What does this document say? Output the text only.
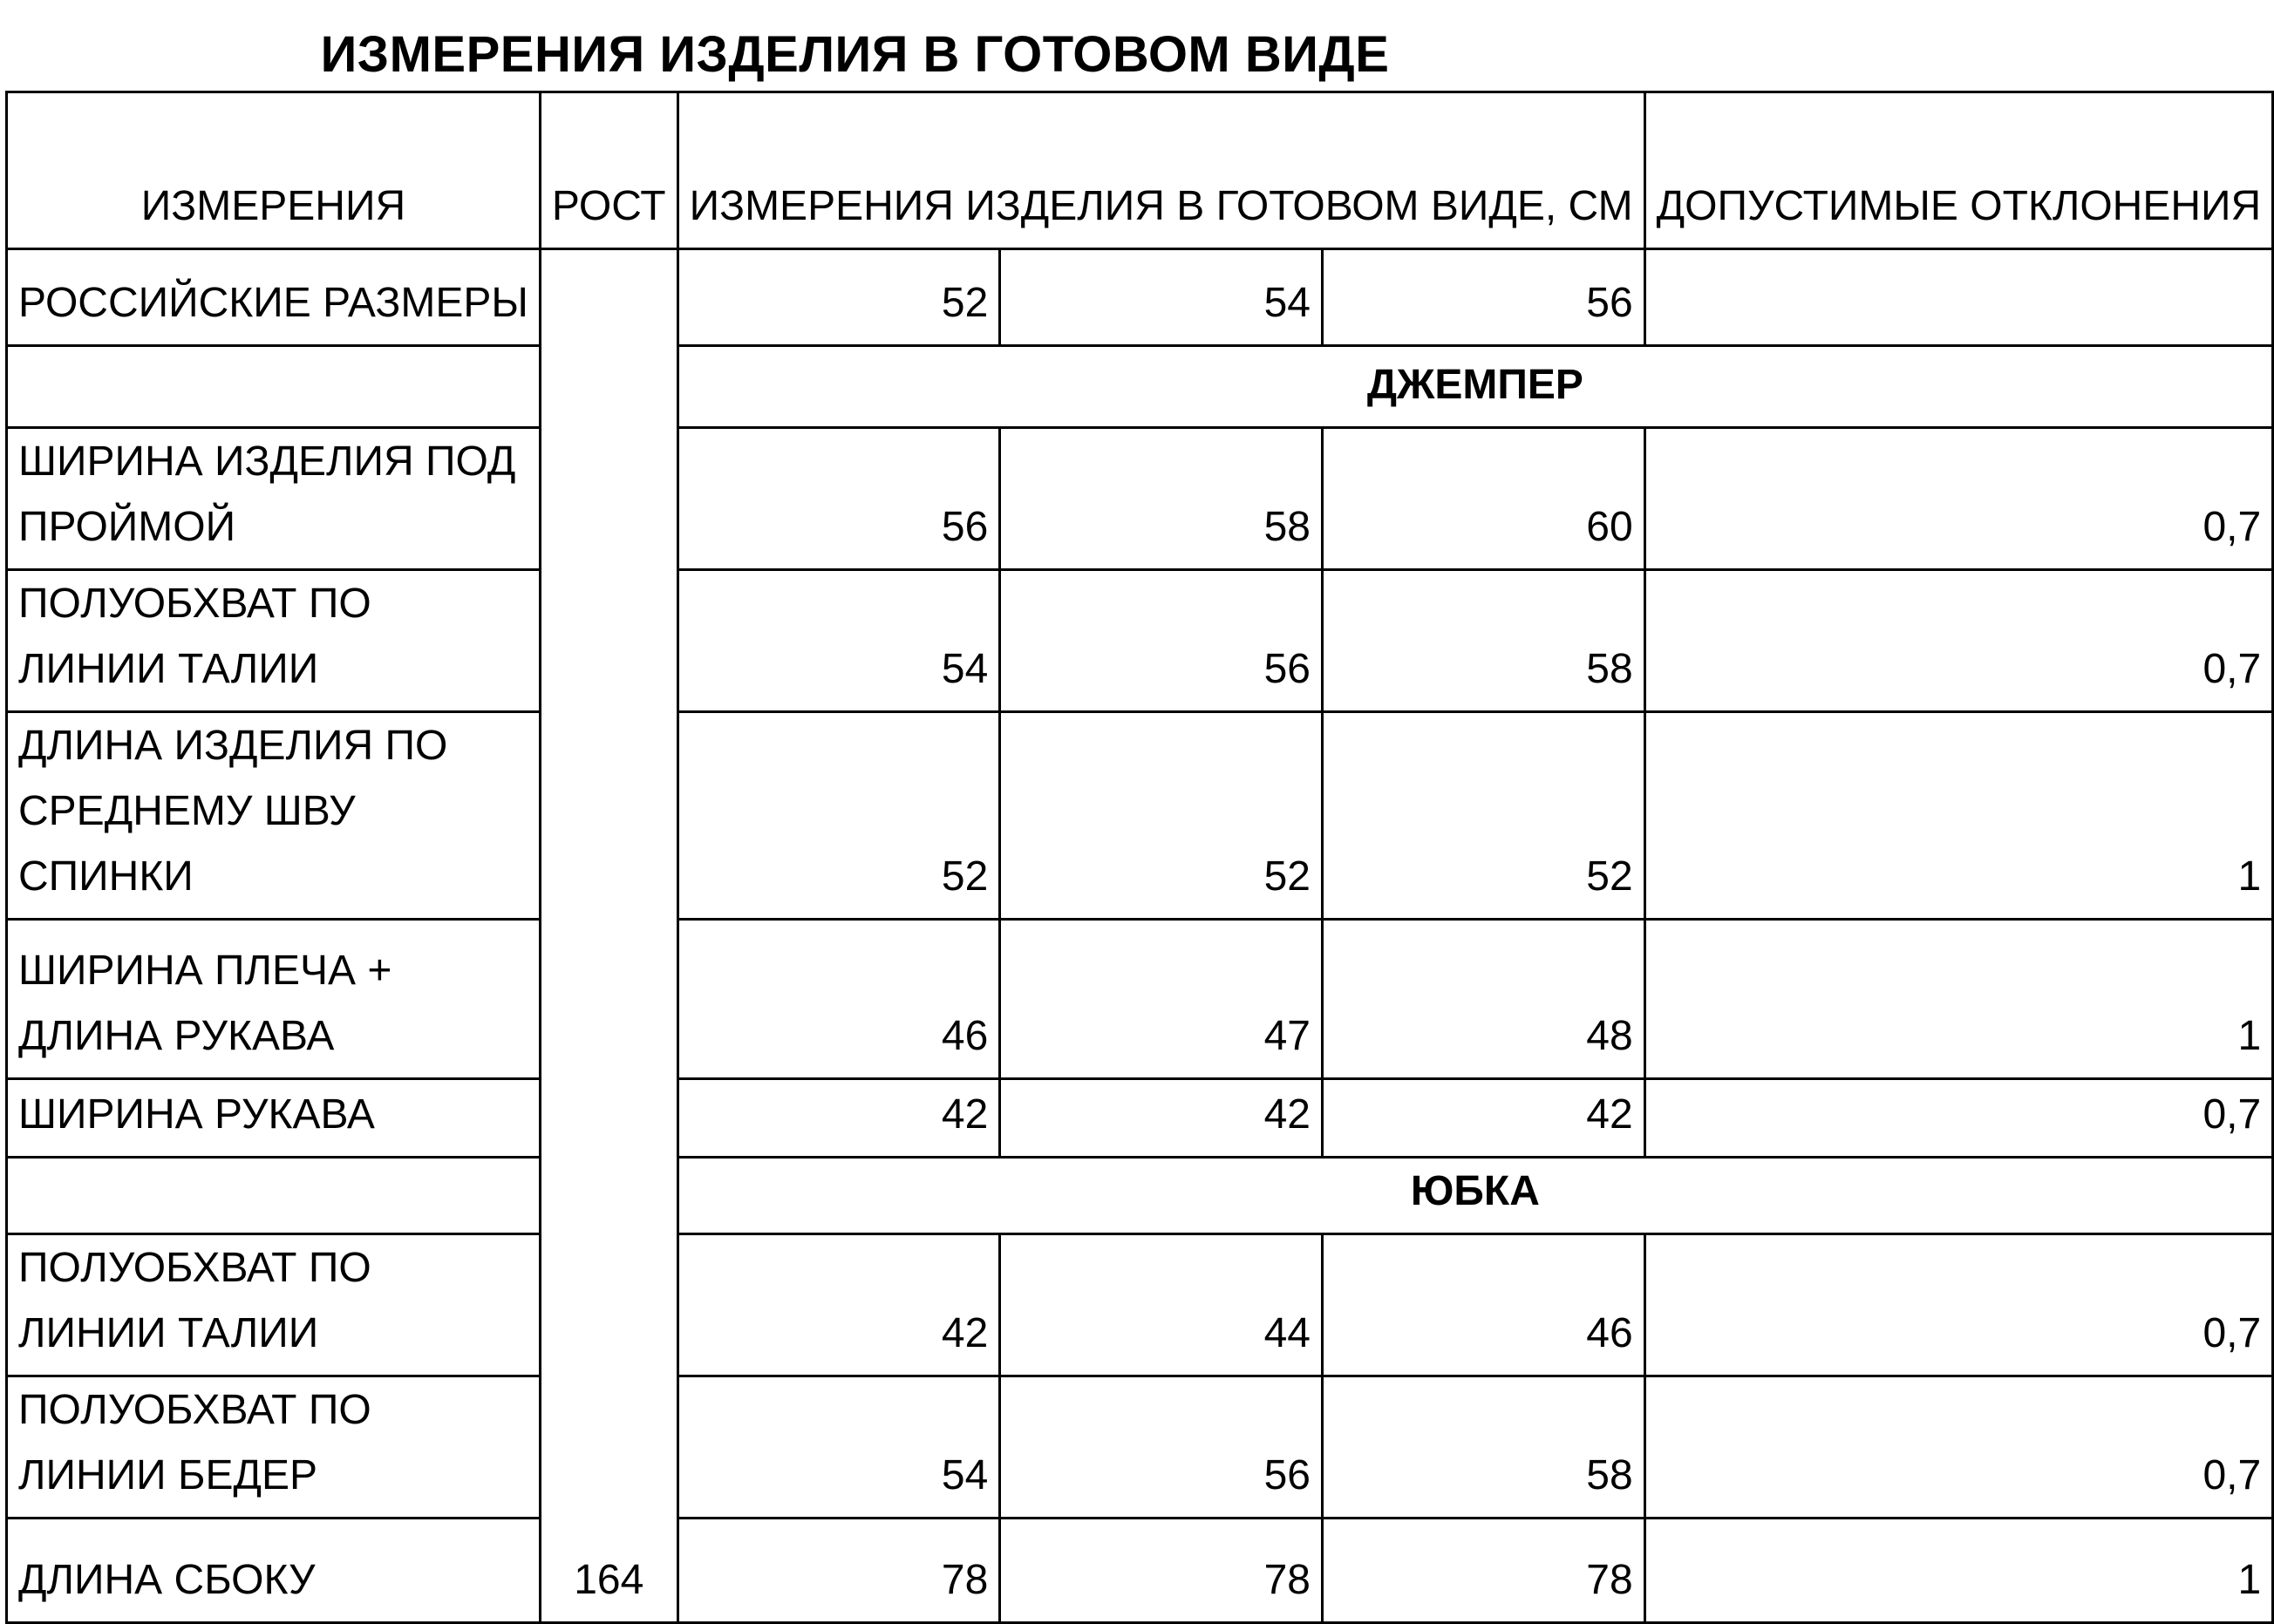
ИЗМЕРЕНИЯ ИЗДЕЛИЯ В ГОТОВОМ ВИДЕ
ИЗМЕРЕНИЯ	РОСТ	ИЗМЕРЕНИЯ ИЗДЕЛИЯ В ГОТОВОМ ВИДЕ, СМ			ДОПУСТИМЫЕ ОТКЛОНЕНИЯ
РОССИЙСКИЕ РАЗМЕРЫ	164	52	54	56	
		ДЖЕМПЕР			
ШИРИНА ИЗДЕЛИЯ ПОД ПРОЙМОЙ		56	58	60	0,7
ПОЛУОБХВАТ ПО ЛИНИИ ТАЛИИ		54	56	58	0,7
ДЛИНА ИЗДЕЛИЯ ПО СРЕДНЕМУ ШВУ СПИНКИ		52	52	52	1
ШИРИНА ПЛЕЧА + ДЛИНА РУКАВА		46	47	48	1
ШИРИНА РУКАВА		42	42	42	0,7
		ЮБКА			
ПОЛУОБХВАТ ПО ЛИНИИ ТАЛИИ		42	44	46	0,7
ПОЛУОБХВАТ ПО ЛИНИИ БЕДЕР		54	56	58	0,7
ДЛИНА СБОКУ		78	78	78	1
